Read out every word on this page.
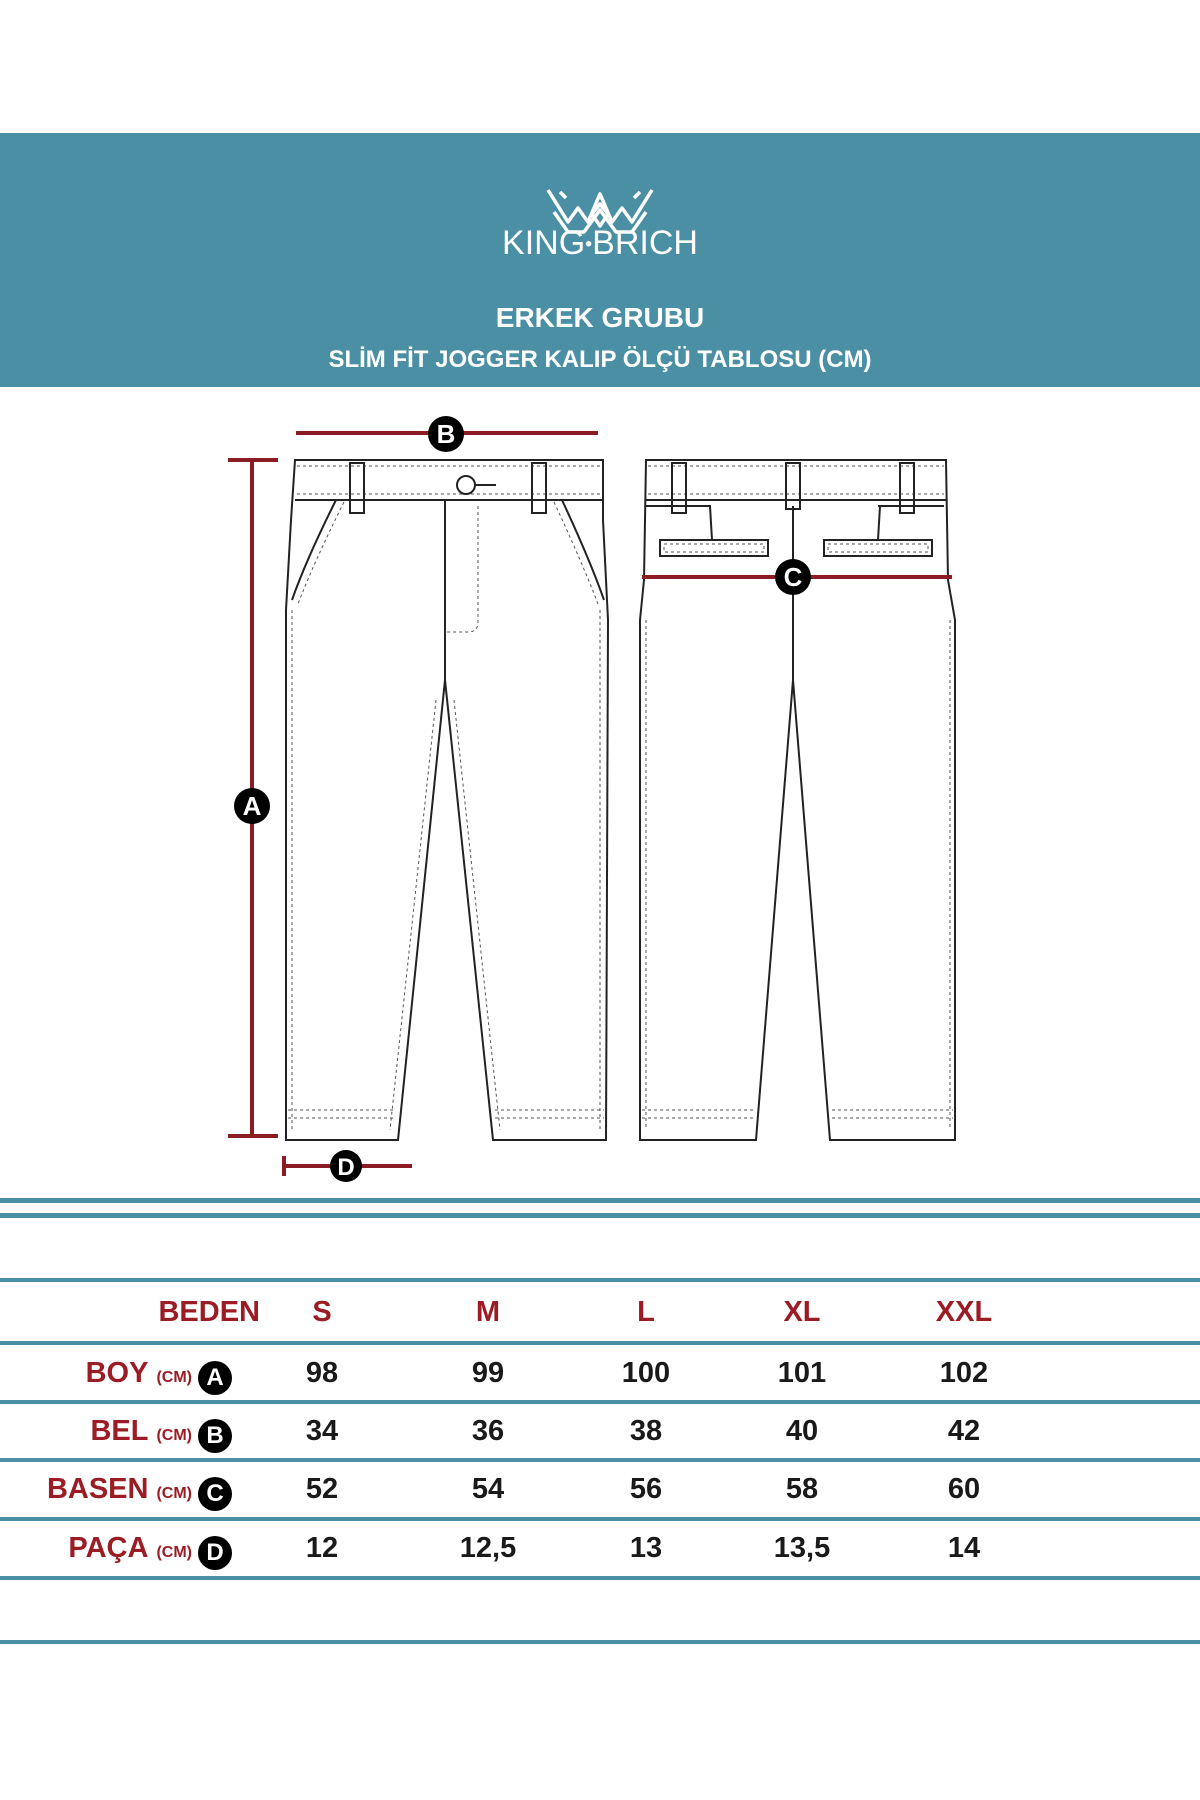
KING•BRICH
ERKEK GRUBU
SLİM FİT JOGGER KALIP ÖLÇÜ TABLOSU (CM)
B
A
C
D
BEDEN	S	M	L	XL	XXL
BOY (CM) A	98	99	100	101	102
BEL (CM) B	34	36	38	40	42
BASEN (CM) C	52	54	56	58	60
PAÇA (CM) D	12	12,5	13	13,5	14
